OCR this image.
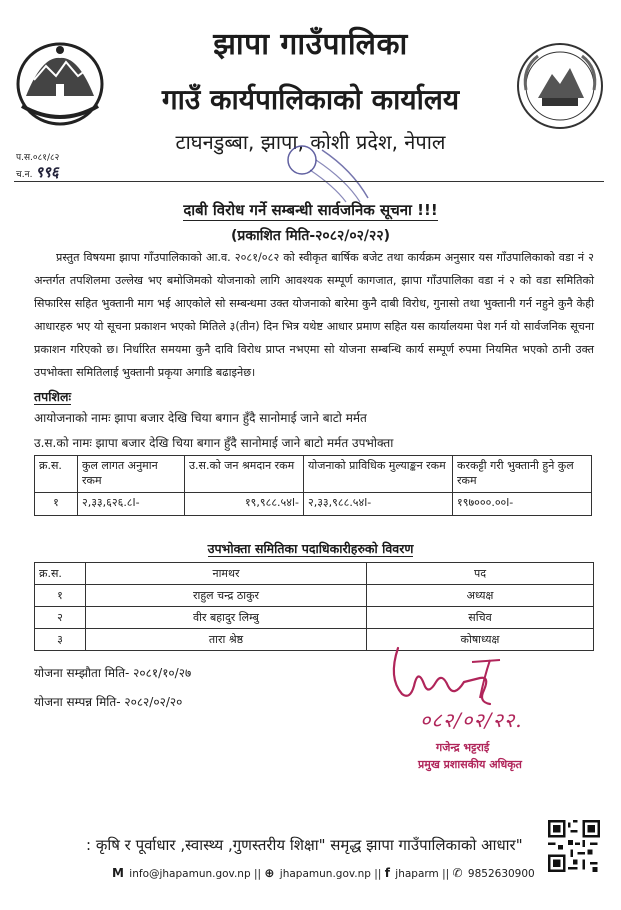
झापा गाउँपालिका
गाउँ कार्यपालिकाको कार्यालय
टाघनडुब्बा, झापा, कोशी प्रदेश, नेपाल
प.स.०८१/८२
च.न. ९९६
दाबी विरोध गर्ने सम्बन्धी सार्वजनिक सूचना !!!
(प्रकाशित मिति-२०८२/०२/२२)
प्रस्तुत विषयमा झापा गाँउपालिकाको आ.व. २०८१/०८२ को स्वीकृत बार्षिक बजेट तथा कार्यक्रम अनुसार यस गाँउपालिकाको वडा नं २ अन्तर्गत तपशिलमा उल्लेख भए बमोजिमको योजनाको लागि आवश्यक सम्पूर्ण कागजात, झापा गाँउपालिका वडा नं २ को वडा समितिको सिफारिस सहित भुक्तानी माग भई आएकोले सो सम्बन्धमा उक्त योजनाको बारेमा कुनै दाबी विरोध, गुनासो तथा भुक्तानी गर्न नहुने कुनै केही आधारहरु भए यो सूचना प्रकाशन भएको मितिले ३(तीन) दिन भित्र यथेष्ट आधार प्रमाण सहित यस कार्यालयमा पेश गर्न यो सार्वजनिक सूचना प्रकाशन गरिएको छ। निर्धारित समयमा कुनै दावि विरोध प्राप्त नभएमा सो योजना सम्बन्धि कार्य सम्पूर्ण रुपमा नियमित भएको ठानी उक्त उपभोक्ता समितिलाई भुक्तानी प्रकृया अगाडि बढाइनेछ।
तपशिलः
आयोजनाको नामः झापा बजार देखि चिया बगान हुँदै सानोमाई जाने बाटो मर्मत
उ.स.को नामः झापा बजार देखि चिया बगान हुँदै सानोमाई जाने बाटो मर्मत उपभोक्ता
क्र.स.	कुल लागत अनुमान रकम	उ.स.को जन श्रमदान रकम	योजनाको प्राविधिक मुल्याङ्कन रकम	करकट्टी गरी भुक्तानी हुने कुल रकम
१	२,३३,६२६.८l-	१९,९८८.५४l-	२,३३,९८८.५४l-	१९७०००.००l-
उपभोक्ता समितिका पदाधिकारीहरुको विवरण
क्र.स.	नामथर	पद
१	राहुल चन्द्र ठाकुर	अध्यक्ष
२	वीर बहादुर लिम्बु	सचिव
३	तारा श्रेष्ठ	कोषाध्यक्ष
योजना सम्झौता मिति- २०८१/१०/२७
योजना सम्पन्न मिति- २०८२/०२/२०
०८२/०२/२२.
गजेन्द्र भट्टराई
प्रमुख प्रशासकीय अधिकृत
: कृषि र पूर्वाधार ,स्वास्थ्य ,गुणस्तरीय शिक्षा" समृद्ध झापा गाउँपालिकाको आधार"
M info@jhapamun.gov.np || ⊕ jhapamun.gov.np || f jhaparm || ✆ 9852630900
